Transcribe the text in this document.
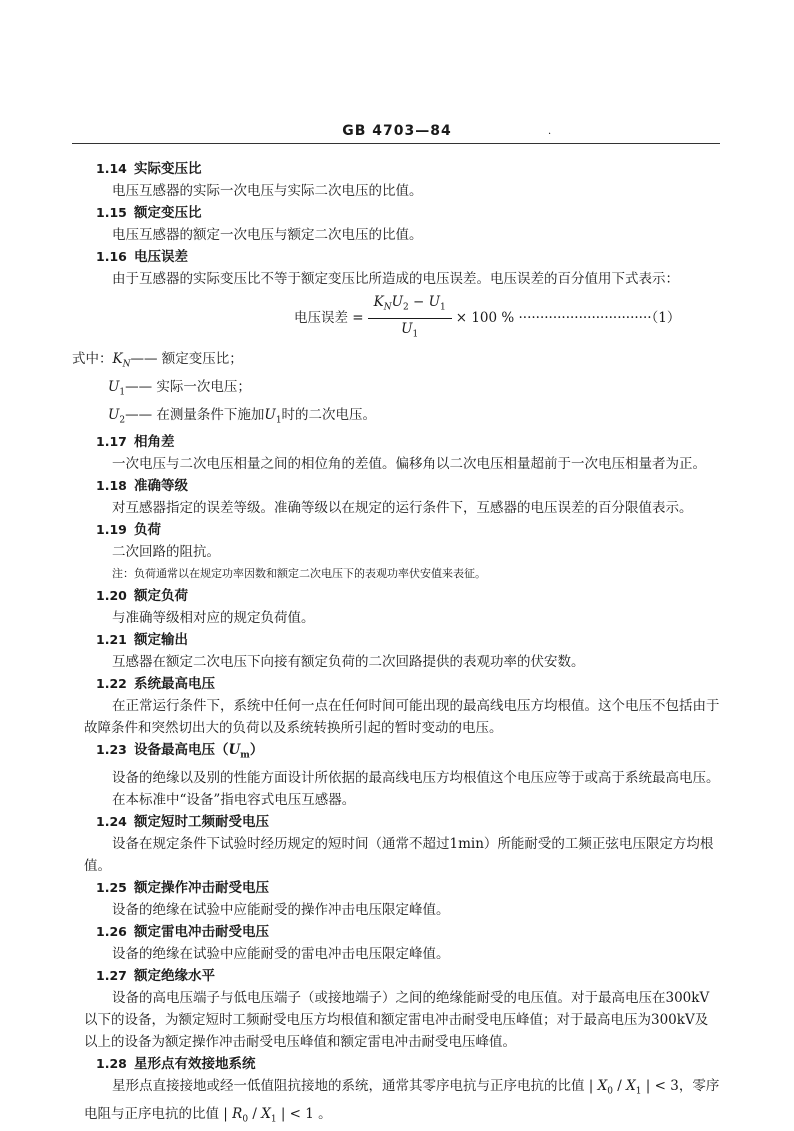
GB 4703—84	·
1.14 实际变压比
电压互感器的实际一次电压与实际二次电压的比值。
1.15 额定变压比
电压互感器的额定一次电压与额定二次电压的比值。
1.16 电压误差
由于互感器的实际变压比不等于额定变压比所造成的电压误差。电压误差的百分值用下式表示：
电压误差 = $\frac{K_NU_2 - U_1}{U_1} \times 100$ % ·······························（1）
式中：$K_N——$ 额定变压比；
$U_1——$ 实际一次电压；
$U_2——$ 在测量条件下施加$U_1$时的二次电压。
1.17 相角差
一次电压与二次电压相量之间的相位角的差值。偏移角以二次电压相量超前于一次电压相量者为正。
1.18 准确等级
对互感器指定的误差等级。准确等级以在规定的运行条件下，互感器的电压误差的百分限值表示。
1.19 负荷
二次回路的阻抗。
注：负荷通常以在规定功率因数和额定二次电压下的表观功率伏安值来表征。
1.20 额定负荷
与准确等级相对应的规定负荷值。
1.21 额定输出
互感器在额定二次电压下向接有额定负荷的二次回路提供的表观功率的伏安数。
1.22 系统最高电压
在正常运行条件下，系统中任何一点在任何时间可能出现的最高线电压方均根值。这个电压不包括由于故障条件和突然切出大的负荷以及系统转换所引起的暂时变动的电压。
1.23 设备最高电压$(U_m)$
设备的绝缘以及别的性能方面设计所依据的最高线电压方均根值这个电压应等于或高于系统最高电压。
在本标准中“设备”指电容式电压互感器。
1.24 额定短时工频耐受电压
设备在规定条件下试验时经历规定的短时间（通常不超过1min）所能耐受的工频正弦电压限定方均根值。
1.25 额定操作冲击耐受电压
设备的绝缘在试验中应能耐受的操作冲击电压限定峰值。
1.26 额定雷电冲击耐受电压
设备的绝缘在试验中应能耐受的雷电冲击电压限定峰值。
1.27 额定绝缘水平
设备的高电压端子与低电压端子（或接地端子）之间的绝缘能耐受的电压值。对于最高电压在300kV以下的设备，为额定短时工频耐受电压方均根值和额定雷电冲击耐受电压峰值；对于最高电压为300kV及以上的设备为额定操作冲击耐受电压峰值和额定雷电冲击耐受电压峰值。
1.28 星形点有效接地系统
星形点直接接地或经一低值阻抗接地的系统，通常其零序电抗与正序电抗的比值 | $X_0 / X_1$ | < 3，零序电阻与正序电抗的比值 | $R_0 / X_1$ | < 1 。
